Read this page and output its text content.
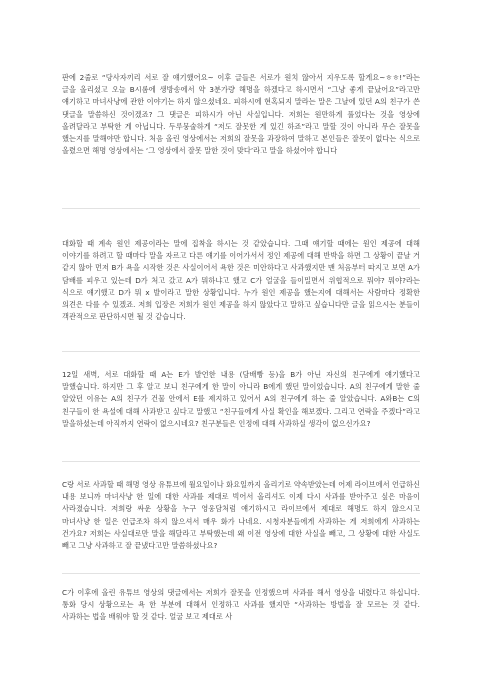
판에 2줄로 “당사자끼리 서로 잘 얘기했어요~ 이후 글들은 서로가 원치 않아서 지우도록 할게요~ㅎㅎ!”라는 글을 올리셨고 오늘 B시롬에 생방송에서 약 3분가량 해명을 하겠다고 하시면서 “그냥 좋게 끝났어요”라고만 얘기하고 마녀사냥에 관한 이야기는 하지 않으셨네요. 피하시에 현혹되지 말라는 말은 그날에 있던 A의 친구가 쓴 댓글을 말씀하신 것이겠죠? 그 댓글은 피하시가 아닌 사실입니다. 저희는 원만하게 풀었다는 것을 영상에 올려달라고 부탁한 게 아닙니다. 두루뭉술하게 “저도 잘못한 게 있긴 하죠”라고 말할 것이 아니라 무슨 잘못을 했는지를 말해야만 합니다. 처음 올린 영상에서는 저희의 잘못을 과장하여 말하고 본인들은 잘못이 없다는 식으로 올렸으면 해명 영상에서는 ‘그 영상에서 잘못 말한 것이 맞다’라고 말을 하셨어야 합니다

대화할 때 계속 원인 제공이라는 말에 집착을 하시는 것 같았습니다. 그때 얘기할 때에는 원인 제공에 대해 이야기를 하려고 할 때마다 말을 자르고 다른 얘기를 이어가서서 정인 제공에 대해 반박을 하면 그 상황이 끝날 거 같지 않아 먼저 B가 욕을 시작한 것은 사실이어서 욕한 것은 미안하다고 사과했지만 맨 처음부터 따지고 보면 A가 담배를 피우고 있는데 D가 처고 갔고 A가 뭐하냐고 했고 C가 얼굴을 들이밀면서 위협적으로 뭐야? 뭐야?라는 식으로 얘기했고 D가 뭐 x 발이라고 말한 상황입니다. 누가 원인 제공을 했는지에 대해서는 사람마다 정확한 의견은 다를 수 있겠죠. 저희 입장은 저희가 원인 제공을 하지 않았다고 말하고 싶습니다만 글을 읽으시는 분들이 객관적으로 판단하시면 될 것 같습니다.

12일 새벽, 서로 대화할 때 A는 E가 발언한 내용 (담배빵 등)을 B가 아닌 자신의 친구에게 얘기했다고 말했습니다. 하지만 그 후 알고 보니 친구에게 한 말이 아니라 B에게 했던 말이었습니다. A의 친구에게 말한 줄 알았던 이유는 A의 친구가 건물 안에서 E를 제지하고 있어서 A의 친구에게 하는 줄 알았습니다. A와B는 C의 친구들이 한 욕설에 대해 사과받고 싶다고 말했고 “친구들에게 사실 확인을 해보겠다. 그리고 연락을 주겠다”라고 말을하셨는데 아직까지 연락이 없으시네요? 친구분들은 인정에 대해 사과하실 생각이 없으신가요?

C랑 서로 사과할 때 해명 영상 유튜브에 월요일이나 화요일까지 올리기로 약속받았는데 어제 라이브에서 언급하신 내용 보니까 마녀사냥 한 일에 대한 사과를 제대로 빅어서 올리셔도 이제 다시 사과를 받아주고 싶은 마음이 사라졌습니다. 저희랑 싸운 상황을 누구 영웅담처럼 얘기하시고 라이브에서 제대로 해명도 하지 않으시고 마녀사냥 한 일은 언급조차 하지 않으셔서 매우 화가 나네요. 시청자분들에게 사과하는 게 저희에게 사과하는 건가요? 저희는 사실대로만 말을 해달라고 부탁했는데 왜 이전 영상에 대한 사실을 빼고, 그 상황에 대한 사실도 빼고 그냥 사과하고 잘 끝냈다고만 말씀하셨나요?

C가 이후에 올린 유튜브 영상의 댓글에서는 저희가 잘못을 인정했으며 사과를 해서 영상을 내렸다고 하십니다. 통화 당시 상황으로는 욕 한 부분에 대해서 인정하고 사과를 했지만 “사과하는 방법을 잘 모르는 것 같다. 사과하는 법을 배워야 할 것 같다. 얼굴 보고 제대로 사
